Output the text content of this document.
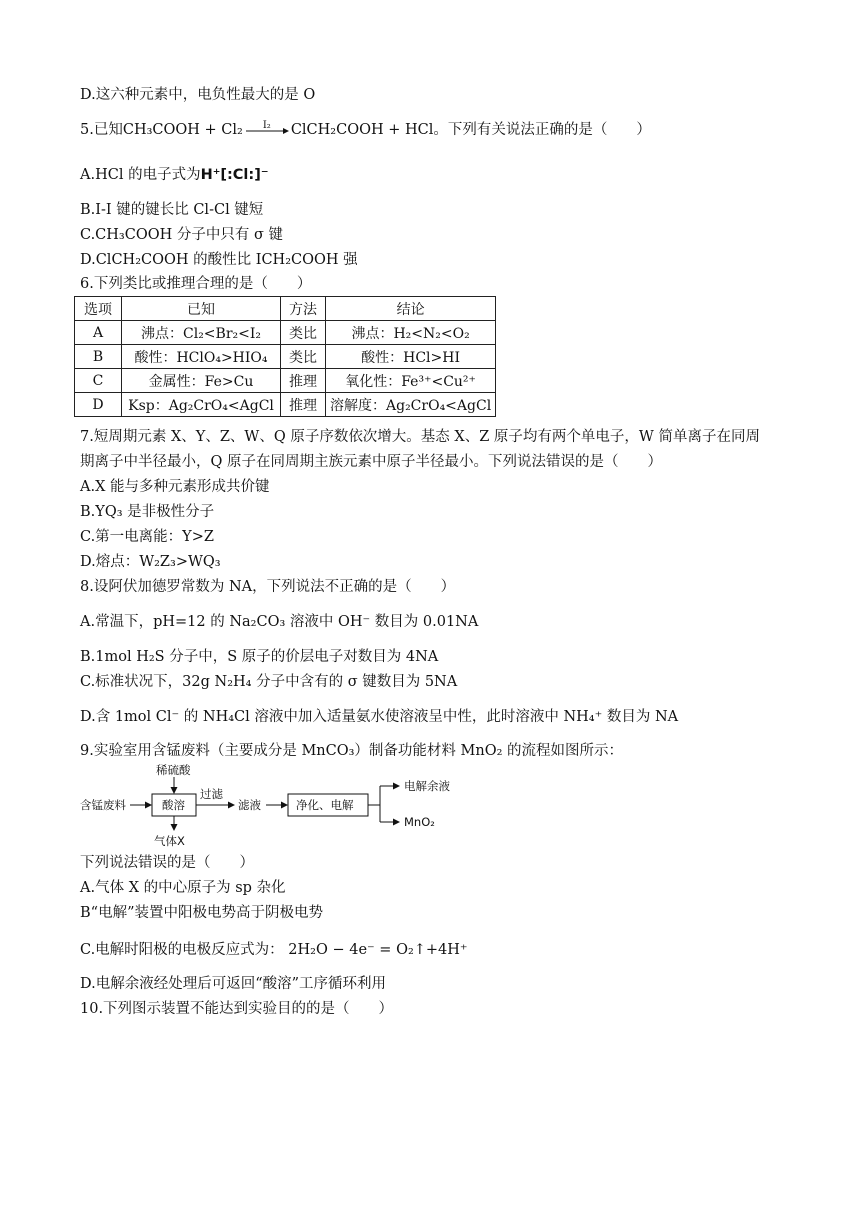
D.这六种元素中，电负性最大的是 O
5.已知CH₃COOH + Cl₂	I₂	ClCH₂COOH + HCl。下列有关说法正确的是（　　）
A.HCl 的电子式为H⁺[:Cl:]⁻
B.I-I 键的键长比 Cl-Cl 键短
C.CH₃COOH 分子中只有 σ 键
D.ClCH₂COOH 的酸性比 ICH₂COOH 强
6.下列类比或推理合理的是（　　）
选项	已知	方法	结论
A	沸点：Cl₂<Br₂<I₂	类比	沸点：H₂<N₂<O₂
B	酸性：HClO₄>HIO₄	类比	酸性：HCl>HI
C	金属性：Fe>Cu	推理	氧化性：Fe³⁺<Cu²⁺
D	Ksp：Ag₂CrO₄<AgCl	推理	溶解度：Ag₂CrO₄<AgCl
7.短周期元素 X、Y、Z、W、Q 原子序数依次增大。基态 X、Z 原子均有两个单电子，W 简单离子在同周
期离子中半径最小，Q 原子在同周期主族元素中原子半径最小。下列说法错误的是（　　）
A.X 能与多种元素形成共价键
B.YQ₃ 是非极性分子
C.第一电离能：Y>Z
D.熔点：W₂Z₃>WQ₃
8.设阿伏加德罗常数为 NA，下列说法不正确的是（　　）
A.常温下，pH=12 的 Na₂CO₃ 溶液中 OH⁻ 数目为 0.01NA
B.1mol H₂S 分子中，S 原子的价层电子对数目为 4NA
C.标准状况下，32g N₂H₄ 分子中含有的 σ 键数目为 5NA
D.含 1mol Cl⁻ 的 NH₄Cl 溶液中加入适量氨水使溶液呈中性，此时溶液中 NH₄⁺ 数目为 NA
9.实验室用含锰废料（主要成分是 MnCO₃）制备功能材料 MnO₂ 的流程如图所示：
含锰废料
稀硫酸
酸溶
气体X
过滤
滤液	净化、电解
电解余液
MnO₂
下列说法错误的是（　　）
A.气体 X 的中心原子为 sp 杂化
B“电解”装置中阳极电势高于阴极电势
C.电解时阳极的电极反应式为： 2H₂O − 4e⁻ = O₂↑+4H⁺
D.电解余液经处理后可返回“酸溶”工序循环利用
10.下列图示装置不能达到实验目的的是（　　）
